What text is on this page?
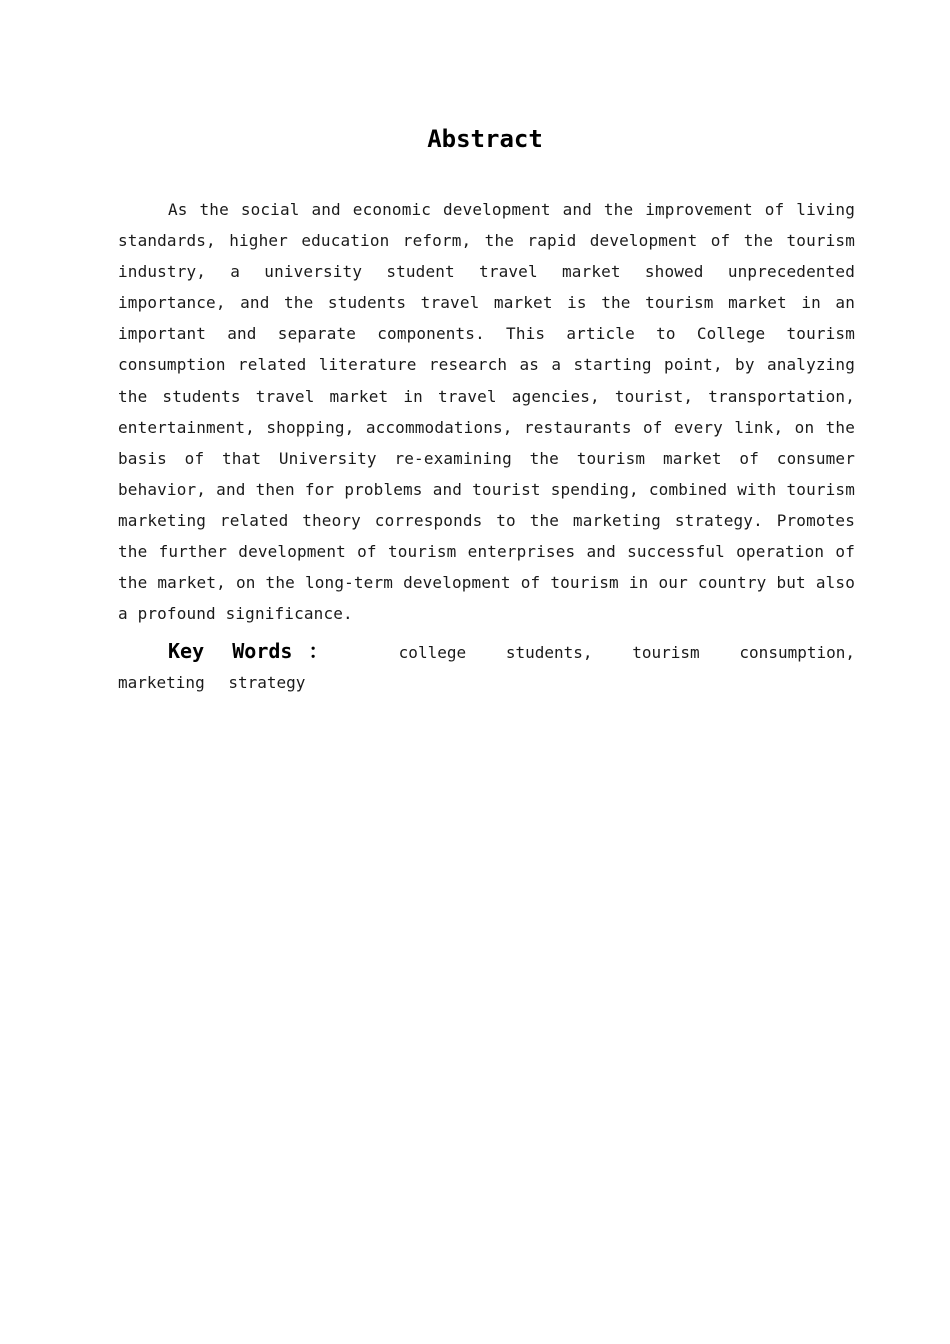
Abstract

As the social and economic development and the improvement of living standards, higher education reform, the rapid development of the tourism industry, a university student travel market showed unprecedented importance, and the students travel market is the tourism market in an important and separate components. This article to College tourism consumption related literature research as a starting point, by analyzing the students travel market in travel agencies, tourist, transportation, entertainment, shopping, accommodations, restaurants of every link, on the basis of that University re-examining the tourism market of consumer behavior, and then for problems and tourist spending, combined with tourism marketing related theory corresponds to the marketing strategy. Promotes the further development of tourism enterprises and successful operation of the market, on the long-term development of tourism in our country but also a profound significance.

Key Words：	college students, tourism consumption, marketing strategy
